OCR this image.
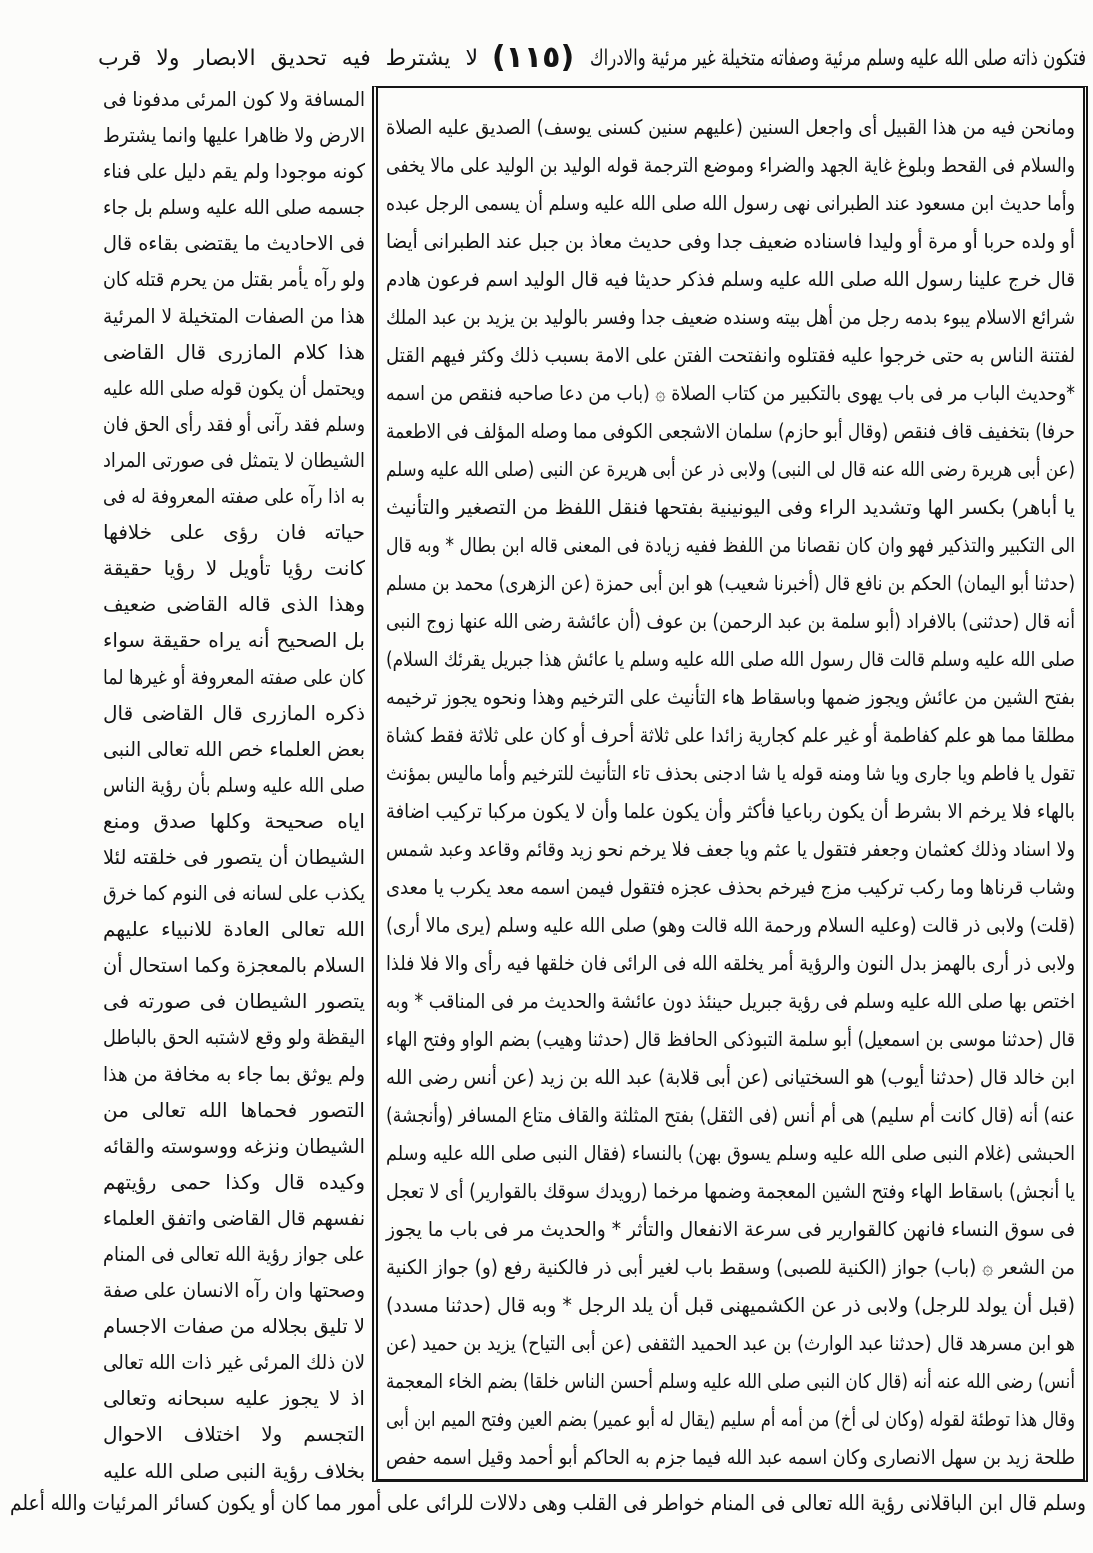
فتكون ذاته صلى الله عليه وسلم مرئية وصفاته متخيلة غير مرئية والادراك
(١١٥)
لا يشترط فيه تحديق الابصار ولا قرب
ومانحن فيه من هذا القبيل أى واجعل السنين (عليهم سنين كسنى يوسف) الصديق عليه الصلاة
والسلام فى القحط وبلوغ غاية الجهد والضراء وموضع الترجمة قوله الوليد بن الوليد على مالا يخفى
وأما حديث ابن مسعود عند الطبرانى نهى رسول الله صلى الله عليه وسلم أن يسمى الرجل عبده
أو ولده حربا أو مرة أو وليدا فاسناده ضعيف جدا وفى حديث معاذ بن جبل عند الطبرانى أيضا
قال خرج علينا رسول الله صلى الله عليه وسلم فذكر حديثا فيه قال الوليد اسم فرعون هادم
شرائع الاسلام يبوء بدمه رجل من أهل بيته وسنده ضعيف جدا وفسر بالوليد بن يزيد بن عبد الملك
لفتنة الناس به حتى خرجوا عليه فقتلوه وانفتحت الفتن على الامة بسبب ذلك وكثر فيهم القتل
*وحديث الباب مر فى باب يهوى بالتكبير من كتاب الصلاة ۞ (باب من دعا صاحبه فنقص من اسمه
حرفا) بتخفيف قاف فنقص (وقال أبو حازم) سلمان الاشجعى الكوفى مما وصله المؤلف فى الاطعمة
(عن أبى هريرة رضى الله عنه قال لى النبى) ولابى ذر عن أبى هريرة عن النبى (صلى الله عليه وسلم
يا أباهر) بكسر الها وتشديد الراء وفى اليونينية بفتحها فنقل اللفظ من التصغير والتأنيث
الى التكبير والتذكير فهو وان كان نقصانا من اللفظ ففيه زيادة فى المعنى قاله ابن بطال * وبه قال
(حدثنا أبو اليمان) الحكم بن نافع قال (أخبرنا شعيب) هو ابن أبى حمزة (عن الزهرى) محمد بن مسلم
أنه قال (حدثنى) بالافراد (أبو سلمة بن عبد الرحمن) بن عوف (أن عائشة رضى الله عنها زوج النبى
صلى الله عليه وسلم قالت قال رسول الله صلى الله عليه وسلم يا عائش هذا جبريل يقرئك السلام)
بفتح الشين من عائش ويجوز ضمها وباسقاط هاء التأنيث على الترخيم وهذا ونحوه يجوز ترخيمه
مطلقا مما هو علم كفاطمة أو غير علم كجارية زائدا على ثلاثة أحرف أو كان على ثلاثة فقط كشاة
تقول يا فاطم ويا جارى ويا شا ومنه قوله يا شا ادجنى بحذف تاء التأنيث للترخيم وأما ماليس بمؤنث
بالهاء فلا يرخم الا بشرط أن يكون رباعيا فأكثر وأن يكون علما وأن لا يكون مركبا تركيب اضافة
ولا اسناد وذلك كعثمان وجعفر فتقول يا عثم ويا جعف فلا يرخم نحو زيد وقائم وقاعد وعبد شمس
وشاب قرناها وما ركب تركيب مزج فيرخم بحذف عجزه فتقول فيمن اسمه معد يكرب يا معدى
(قلت) ولابى ذر قالت (وعليه السلام ورحمة الله قالت وهو) صلى الله عليه وسلم (يرى مالا أرى)
ولابى ذر أرى بالهمز بدل النون والرؤية أمر يخلقه الله فى الرائى فان خلقها فيه رأى والا فلا فلذا
اختص بها صلى الله عليه وسلم فى رؤية جبريل حينئذ دون عائشة والحديث مر فى المناقب * وبه
قال (حدثنا موسى بن اسمعيل) أبو سلمة التبوذكى الحافظ قال (حدثنا وهيب) بضم الواو وفتح الهاء
ابن خالد قال (حدثنا أيوب) هو السختيانى (عن أبى قلابة) عبد الله بن زيد (عن أنس رضى الله
عنه) أنه (قال كانت أم سليم) هى أم أنس (فى الثقل) بفتح المثلثة والقاف متاع المسافر (وأنجشة)
الحبشى (غلام النبى صلى الله عليه وسلم يسوق بهن) بالنساء (فقال النبى صلى الله عليه وسلم
يا أنجش) باسقاط الهاء وفتح الشين المعجمة وضمها مرخما (رويدك سوقك بالقوارير) أى لا تعجل
فى سوق النساء فانهن كالقوارير فى سرعة الانفعال والتأثر * والحديث مر فى باب ما يجوز
من الشعر ۞ (باب) جواز (الكنية للصبى) وسقط باب لغير أبى ذر فالكنية رفع (و) جواز الكنية
(قبل أن يولد للرجل) ولابى ذر عن الكشميهنى قبل أن يلد الرجل * وبه قال (حدثنا مسدد)
هو ابن مسرهد قال (حدثنا عبد الوارث) بن عبد الحميد الثقفى (عن أبى التياح) يزيد بن حميد (عن
أنس) رضى الله عنه أنه (قال كان النبى صلى الله عليه وسلم أحسن الناس خلقا) بضم الخاء المعجمة
وقال هذا توطئة لقوله (وكان لى أخ) من أمه أم سليم (يقال له أبو عمير) بضم العين وفتح الميم ابن أبى
طلحة زيد بن سهل الانصارى وكان اسمه عبد الله فيما جزم به الحاكم أبو أحمد وقيل اسمه حفص
المسافة ولا كون المرئى مدفونا فى
الارض ولا ظاهرا عليها وانما يشترط
كونه موجودا ولم يقم دليل على فناء
جسمه صلى الله عليه وسلم بل جاء
فى الاحاديث ما يقتضى بقاءه قال
ولو رآه يأمر بقتل من يحرم قتله كان
هذا من الصفات المتخيلة لا المرئية
هذا كلام المازرى قال القاضى
ويحتمل أن يكون قوله صلى الله عليه
وسلم فقد رآنى أو فقد رأى الحق فان
الشيطان لا يتمثل فى صورتى المراد
به اذا رآه على صفته المعروفة له فى
حياته فان رؤى على خلافها
كانت رؤيا تأويل لا رؤيا حقيقة
وهذا الذى قاله القاضى ضعيف
بل الصحيح أنه يراه حقيقة سواء
كان على صفته المعروفة أو غيرها لما
ذكره المازرى قال القاضى قال
بعض العلماء خص الله تعالى النبى
صلى الله عليه وسلم بأن رؤية الناس
اياه صحيحة وكلها صدق ومنع
الشيطان أن يتصور فى خلقته لئلا
يكذب على لسانه فى النوم كما خرق
الله تعالى العادة للانبياء عليهم
السلام بالمعجزة وكما استحال أن
يتصور الشيطان فى صورته فى
اليقظة ولو وقع لاشتبه الحق بالباطل
ولم يوثق بما جاء به مخافة من هذا
التصور فحماها الله تعالى من
الشيطان ونزغه ووسوسته والقائه
وكيده قال وكذا حمى رؤيتهم
نفسهم قال القاضى واتفق العلماء
على جواز رؤية الله تعالى فى المنام
وصحتها وان رآه الانسان على صفة
لا تليق بجلاله من صفات الاجسام
لان ذلك المرئى غير ذات الله تعالى
اذ لا يجوز عليه سبحانه وتعالى
التجسم ولا اختلاف الاحوال
بخلاف رؤية النبى صلى الله عليه
وسلم قال ابن الباقلانى رؤية الله تعالى فى المنام خواطر فى القلب وهى دلالات للرائى على أمور مما كان أو يكون كسائر المرئيات والله أعلم
